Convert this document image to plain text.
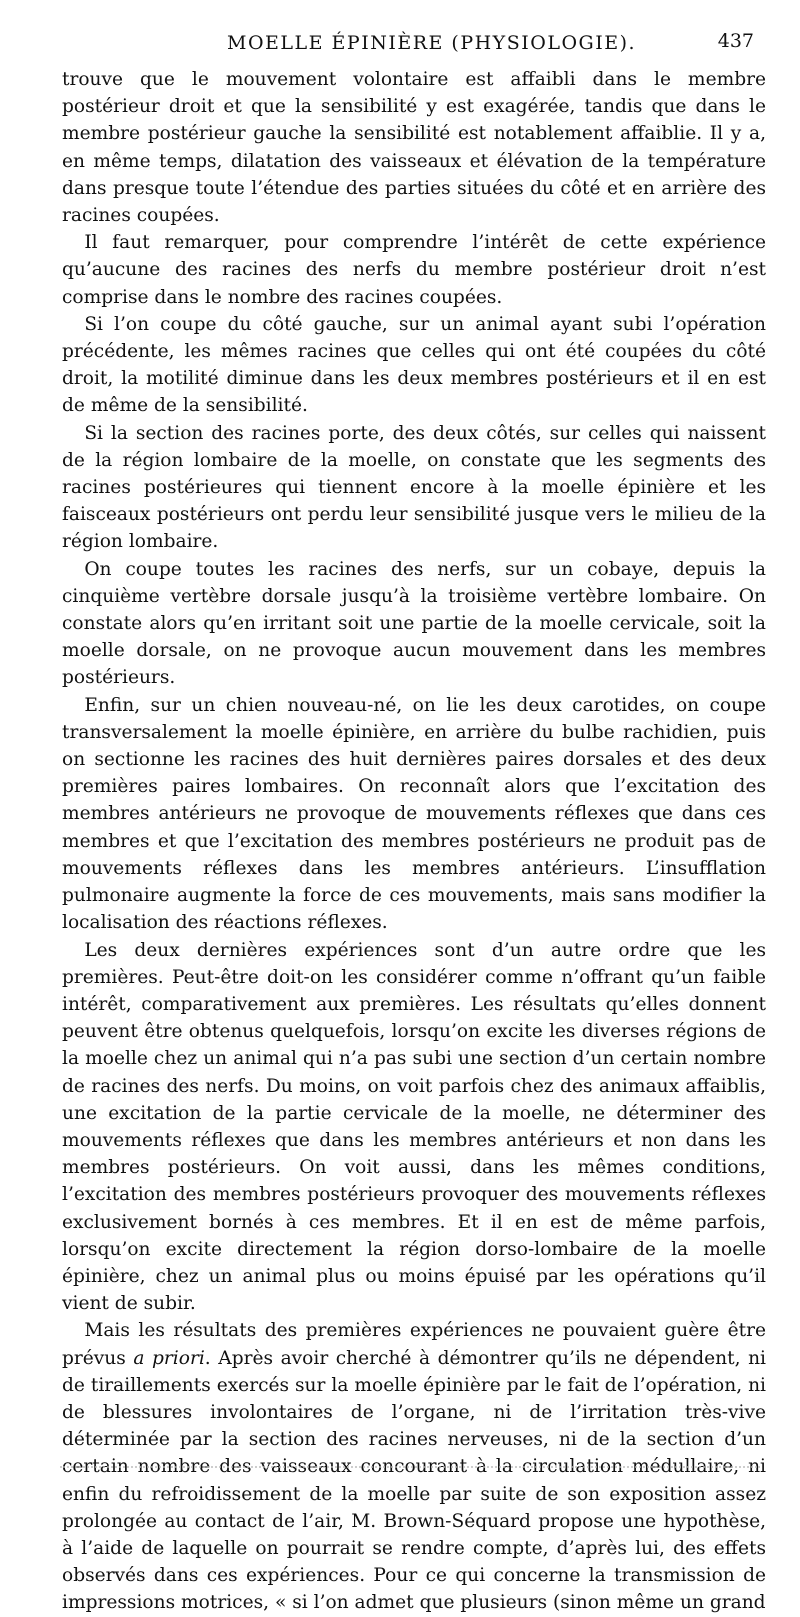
MOELLE ÉPINIÈRE (PHYSIOLOGIE).	437

trouve que le mouvement volontaire est affaibli dans le membre postérieur droit et que la sensibilité y est exagérée, tandis que dans le membre postérieur gauche la sensibilité est notablement affaiblie. Il y a, en même temps, dilatation des vaisseaux et élévation de la température dans presque toute l’étendue des parties situées du côté et en arrière des racines coupées.

Il faut remarquer, pour comprendre l’intérêt de cette expérience qu’aucune des racines des nerfs du membre postérieur droit n’est comprise dans le nombre des racines coupées.

Si l’on coupe du côté gauche, sur un animal ayant subi l’opération précédente, les mêmes racines que celles qui ont été coupées du côté droit, la motilité diminue dans les deux membres postérieurs et il en est de même de la sensibilité.

Si la section des racines porte, des deux côtés, sur celles qui naissent de la région lombaire de la moelle, on constate que les segments des racines postérieures qui tiennent encore à la moelle épinière et les faisceaux postérieurs ont perdu leur sensibilité jusque vers le milieu de la région lombaire.

On coupe toutes les racines des nerfs, sur un cobaye, depuis la cinquième vertèbre dorsale jusqu’à la troisième vertèbre lombaire. On constate alors qu’en irritant soit une partie de la moelle cervicale, soit la moelle dorsale, on ne provoque aucun mouvement dans les membres postérieurs.

Enfin, sur un chien nouveau-né, on lie les deux carotides, on coupe transversalement la moelle épinière, en arrière du bulbe rachidien, puis on sectionne les racines des huit dernières paires dorsales et des deux premières paires lombaires. On reconnaît alors que l’excitation des membres antérieurs ne provoque de mouvements réflexes que dans ces membres et que l’excitation des membres postérieurs ne produit pas de mouvements réflexes dans les membres antérieurs. L’insufflation pulmonaire augmente la force de ces mouvements, mais sans modifier la localisation des réactions réflexes.

Les deux dernières expériences sont d’un autre ordre que les premières. Peut-être doit-on les considérer comme n’offrant qu’un faible intérêt, comparativement aux premières. Les résultats qu’elles donnent peuvent être obtenus quelquefois, lorsqu’on excite les diverses régions de la moelle chez un animal qui n’a pas subi une section d’un certain nombre de racines des nerfs. Du moins, on voit parfois chez des animaux affaiblis, une excitation de la partie cervicale de la moelle, ne déterminer des mouvements réflexes que dans les membres antérieurs et non dans les membres postérieurs. On voit aussi, dans les mêmes conditions, l’excitation des membres postérieurs provoquer des mouvements réflexes exclusivement bornés à ces membres. Et il en est de même parfois, lorsqu’on excite directement la région dorso-lombaire de la moelle épinière, chez un animal plus ou moins épuisé par les opérations qu’il vient de subir.

Mais les résultats des premières expériences ne pouvaient guère être prévus a priori. Après avoir cherché à démontrer qu’ils ne dépendent, ni de tiraillements exercés sur la moelle épinière par le fait de l’opération, ni de blessures involontaires de l’organe, ni de l’irritation très-vive déterminée par la section des racines nerveuses, ni de la section d’un certain nombre des vaisseaux concourant à la circulation médullaire, ni enfin du refroidissement de la moelle par suite de son exposition assez prolongée au contact de l’air, M. Brown-Séquard propose une hypothèse, à l’aide de laquelle on pourrait se rendre compte, d’après lui, des effets observés dans ces expériences. Pour ce qui concerne la transmission de impressions motrices, « si l’on admet que plusieurs (sinon même un grand
